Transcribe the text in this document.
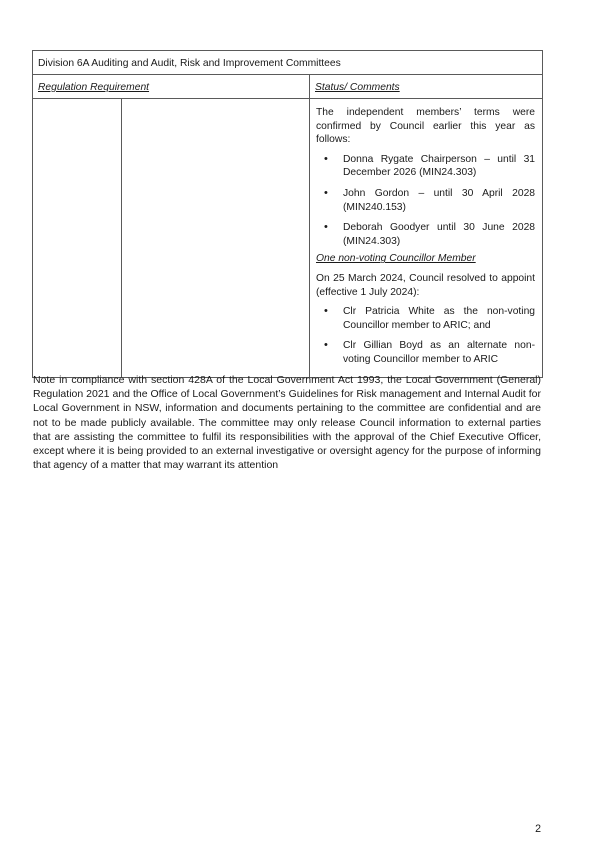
Division 6A Auditing and Audit, Risk and Improvement Committees		

Regulation Requirement		Status/ Comments

The independent members’ terms were confirmed by Council earlier this year as follows:

• Donna Rygate Chairperson – until 31 December 2026 (MIN24.303)
• John Gordon – until 30 April 2028 (MIN240.153)
• Deborah Goodyer until 30 June 2028 (MIN24.303)

One non-voting Councillor Member

On 25 March 2024, Council resolved to appoint (effective 1 July 2024):

• Clr Patricia White as the non-voting Councillor member to ARIC; and
• Clr Gillian Boyd as an alternate non-voting Councillor member to ARIC

Note in compliance with section 428A of the Local Government Act 1993, the Local Government (General) Regulation 2021 and the Office of Local Government’s Guidelines for Risk management and Internal Audit for Local Government in NSW, information and documents pertaining to the committee are confidential and are not to be made publicly available. The committee may only release Council information to external parties that are assisting the committee to fulfil its responsibilities with the approval of the Chief Executive Officer, except where it is being provided to an external investigative or oversight agency for the purpose of informing that agency of a matter that may warrant its attention

2
